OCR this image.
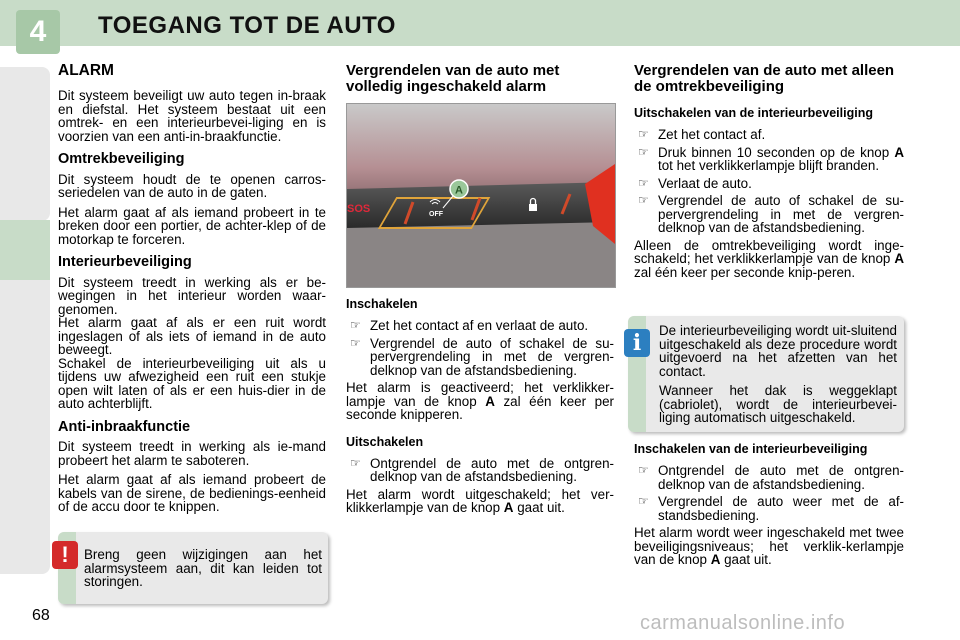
4	TOEGANG TOT DE AUTO
ALARM

Dit systeem beveiligt uw auto tegen in-braak en diefstal. Het systeem bestaat uit een omtrek- en een interieurbevei-liging en is voorzien van een anti-in-braakfunctie.

Omtrekbeveiliging

Dit systeem houdt de te openen carros-seriedelen van de auto in de gaten.

Het alarm gaat af als iemand probeert in te breken door een portier, de achter-klep of de motorkap te forceren.

Interieurbeveiliging

Dit systeem treedt in werking als er be-wegingen in het interieur worden waar-genomen.

Het alarm gaat af als er een ruit wordt ingeslagen of als iets of iemand in de auto beweegt.

Schakel de interieurbeveiliging uit als u tijdens uw afwezigheid een ruit een stukje open wilt laten of als er een huis-dier in de auto achterblijft.

Anti-inbraakfunctie

Dit systeem treedt in werking als ie-mand probeert het alarm te saboteren.

Het alarm gaat af als iemand probeert de kabels van de sirene, de bedienings-eenheid of de accu door te knippen.

!	Breng geen wijzigingen aan het alarmsysteem aan, dit kan leiden tot storingen.
Vergrendelen van de auto met volledig ingeschakeld alarm
SOS	OFF
A
Inschakelen
☞ Zet het contact af en verlaat de auto.
☞ Vergrendel de auto of schakel de su-pervergrendeling in met de vergren-delknop van de afstandsbediening.

Het alarm is geactiveerd; het verklikker-lampje van de knop A zal één keer per seconde knipperen.

Uitschakelen
☞ Ontgrendel de auto met de ontgren-delknop van de afstandsbediening.

Het alarm wordt uitgeschakeld; het ver-klikkerlampje van de knop A gaat uit.

Vergrendelen van de auto met alleen de omtrekbeveiliging
Uitschakelen van de interieurbeveiliging
☞ Zet het contact af.
☞ Druk binnen 10 seconden op de knop A tot het verklikkerlampje blijft branden.
☞ Verlaat de auto.
☞ Vergrendel de auto of schakel de su-pervergrendeling in met de vergren-delknop van de afstandsbediening.

Alleen de omtrekbeveiliging wordt inge-schakeld; het verklikkerlampje van de knop A zal één keer per seconde knip-peren.

i	De interieurbeveiliging wordt uit-sluitend uitgeschakeld als deze procedure wordt uitgevoerd na het afzetten van het contact.

Wanneer het dak is weggeklapt (cabriolet), wordt de interieurbevei-liging automatisch uitgeschakeld.

Inschakelen van de interieurbeveiliging
☞ Ontgrendel de auto met de ontgren-delknop van de afstandsbediening.
☞ Vergrendel de auto weer met de af-standsbediening.

Het alarm wordt weer ingeschakeld met twee beveiligingsniveaus; het verklik-kerlampje van de knop A gaat uit.

68	carmanualsonline.info
